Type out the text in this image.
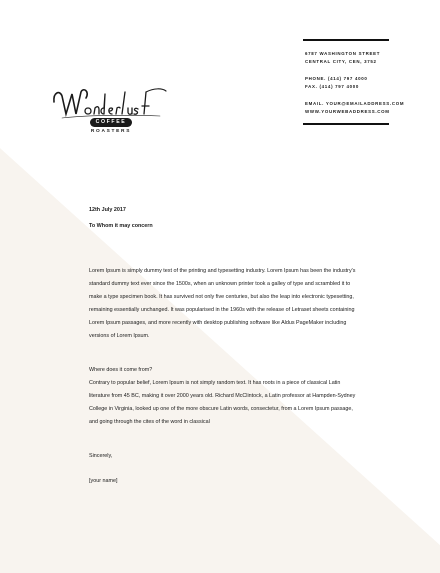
COFFEE
ROASTERS
6787 WASHINGTON STREET
CENTRAL CITY, CEN, 3752
PHONE. (414) 797 4000
FAX. (414) 797 4000
EMAIL. YOUR@EMAILADDRESS.COM
WWW.YOURWEBADDRESS.COM
12th July 2017
To Whom it may concern
Lorem Ipsum is simply dummy text of the printing and typesetting industry. Lorem Ipsum has been the industry's
standard dummy text ever since the 1500s, when an unknown printer took a galley of type and scrambled it to
make a type specimen book. It has survived not only five centuries, but also the leap into electronic typesetting,
remaining essentially unchanged. It was popularised in the 1960s with the release of Letraset sheets containing
Lorem Ipsum passages, and more recently with desktop publishing software like Aldus PageMaker including
versions of Lorem Ipsum.
Where does it come from?
Contrary to popular belief, Lorem Ipsum is not simply random text. It has roots in a piece of classical Latin
literature from 45 BC, making it over 2000 years old. Richard McClintock, a Latin professor at Hampden-Sydney
College in Virginia, looked up one of the more obscure Latin words, consectetur, from a Lorem Ipsum passage,
and going through the cites of the word in classical
Sincerely,
[your name]
